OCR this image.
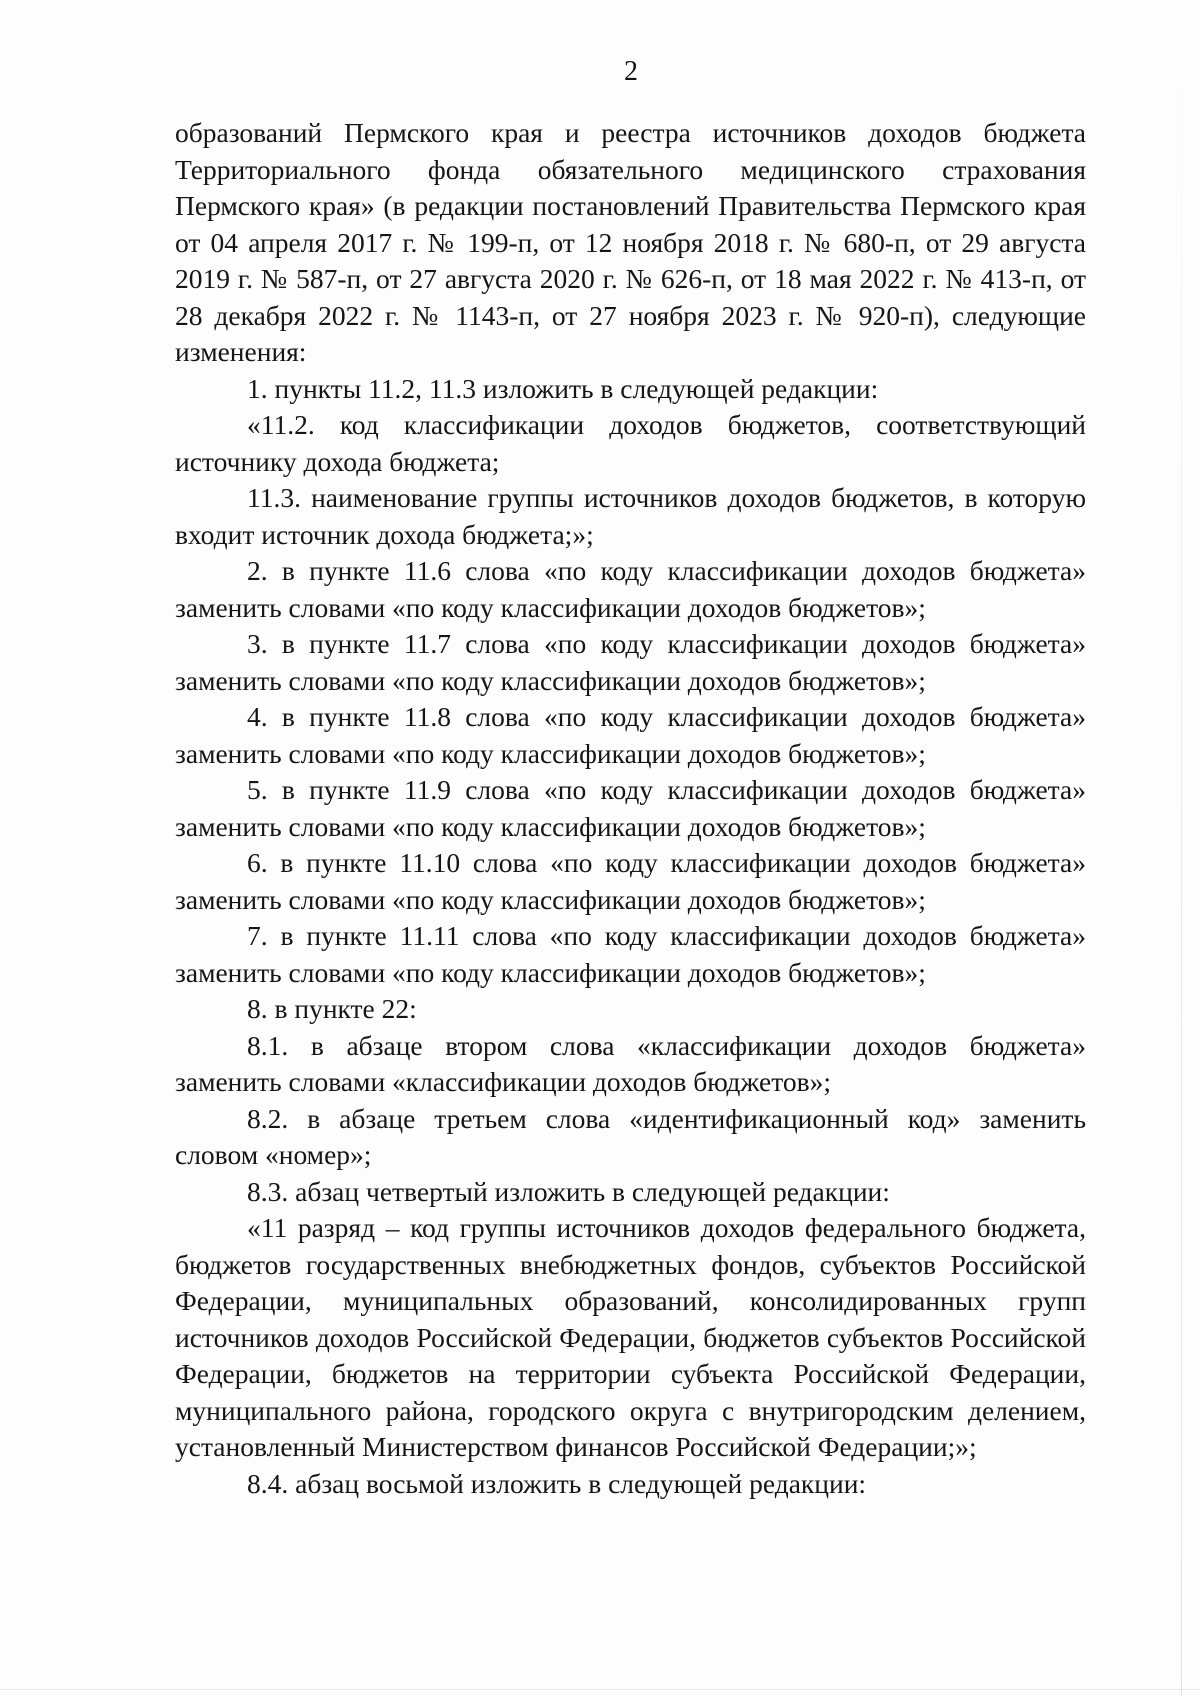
2

образований Пермского края и реестра источников доходов бюджета Территориального фонда обязательного медицинского страхования Пермского края» (в редакции постановлений Правительства Пермского края от 04 апреля 2017 г. № 199-п, от 12 ноября 2018 г. № 680-п, от 29 августа 2019 г. № 587-п, от 27 августа 2020 г. № 626-п, от 18 мая 2022 г. № 413-п, от 28 декабря 2022 г. № 1143-п, от 27 ноября 2023 г. № 920-п), следующие изменения:

1. пункты 11.2, 11.3 изложить в следующей редакции:

«11.2. код классификации доходов бюджетов, соответствующий источнику дохода бюджета;

11.3. наименование группы источников доходов бюджетов, в которую входит источник дохода бюджета;»;

2. в пункте 11.6 слова «по коду классификации доходов бюджета» заменить словами «по коду классификации доходов бюджетов»;

3. в пункте 11.7 слова «по коду классификации доходов бюджета» заменить словами «по коду классификации доходов бюджетов»;

4. в пункте 11.8 слова «по коду классификации доходов бюджета» заменить словами «по коду классификации доходов бюджетов»;

5. в пункте 11.9 слова «по коду классификации доходов бюджета» заменить словами «по коду классификации доходов бюджетов»;

6. в пункте 11.10 слова «по коду классификации доходов бюджета» заменить словами «по коду классификации доходов бюджетов»;

7. в пункте 11.11 слова «по коду классификации доходов бюджета» заменить словами «по коду классификации доходов бюджетов»;

8. в пункте 22:

8.1. в абзаце втором слова «классификации доходов бюджета» заменить словами «классификации доходов бюджетов»;

8.2. в абзаце третьем слова «идентификационный код» заменить словом «номер»;

8.3. абзац четвертый изложить в следующей редакции:

«11 разряд – код группы источников доходов федерального бюджета, бюджетов государственных внебюджетных фондов, субъектов Российской Федерации, муниципальных образований, консолидированных групп источников доходов Российской Федерации, бюджетов субъектов Российской Федерации, бюджетов на территории субъекта Российской Федерации, муниципального района, городского округа с внутригородским делением, установленный Министерством финансов Российской Федерации;»;

8.4. абзац восьмой изложить в следующей редакции:
